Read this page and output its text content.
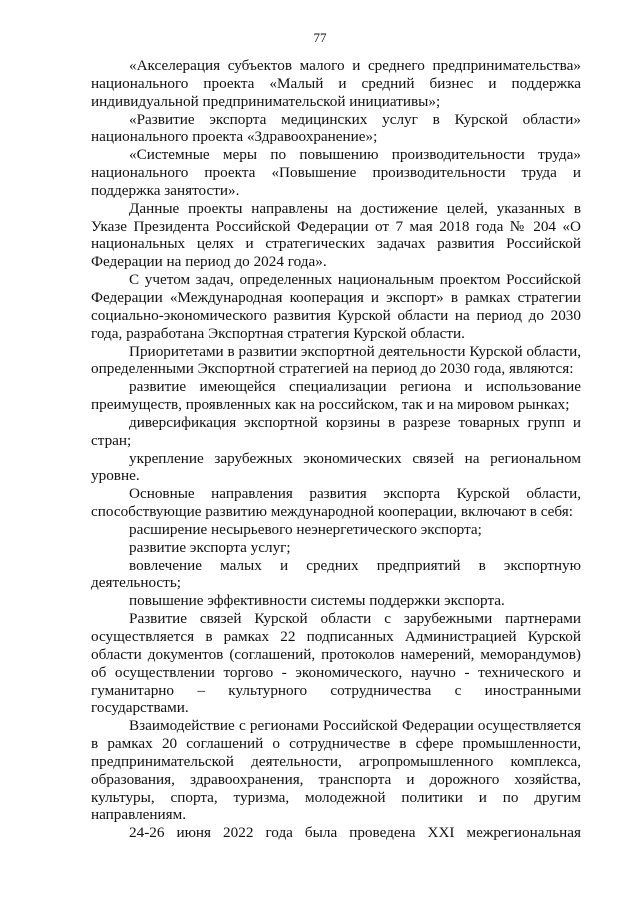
77

«Акселерация субъектов малого и среднего предпринимательства» национального проекта «Малый и средний бизнес и поддержка индивидуальной предпринимательской инициативы»;

«Развитие экспорта медицинских услуг в Курской области» национального проекта «Здравоохранение»;

«Системные меры по повышению производительности труда» национального проекта «Повышение производительности труда и поддержка занятости».

Данные проекты направлены на достижение целей, указанных в Указе Президента Российской Федерации от 7 мая 2018 года № 204 «О национальных целях и стратегических задачах развития Российской Федерации на период до 2024 года».

С учетом задач, определенных национальным проектом Российской Федерации «Международная кооперация и экспорт» в рамках стратегии социально-экономического развития Курской области на период до 2030 года, разработана Экспортная стратегия Курской области.

Приоритетами в развитии экспортной деятельности Курской области, определенными Экспортной стратегией на период до 2030 года, являются:

развитие имеющейся специализации региона и использование преимуществ, проявленных как на российском, так и на мировом рынках;

диверсификация экспортной корзины в разрезе товарных групп и стран;

укрепление зарубежных экономических связей на региональном уровне.

Основные направления развития экспорта Курской области, способствующие развитию международной кооперации, включают в себя:

расширение несырьевого неэнергетического экспорта;

развитие экспорта услуг;

вовлечение малых и средних предприятий в экспортную деятельность;

повышение эффективности системы поддержки экспорта.

Развитие связей Курской области с зарубежными партнерами осуществляется в рамках 22 подписанных Администрацией Курской области документов (соглашений, протоколов намерений, меморандумов) об осуществлении торгово - экономического, научно - технического и гуманитарно – культурного сотрудничества с иностранными государствами.

Взаимодействие с регионами Российской Федерации осуществляется в рамках 20 соглашений о сотрудничестве в сфере промышленности, предпринимательской деятельности, агропромышленного комплекса, образования, здравоохранения, транспорта и дорожного хозяйства, культуры, спорта, туризма, молодежной политики и по другим направлениям.

24-26 июня 2022 года была проведена XXI межрегиональная
